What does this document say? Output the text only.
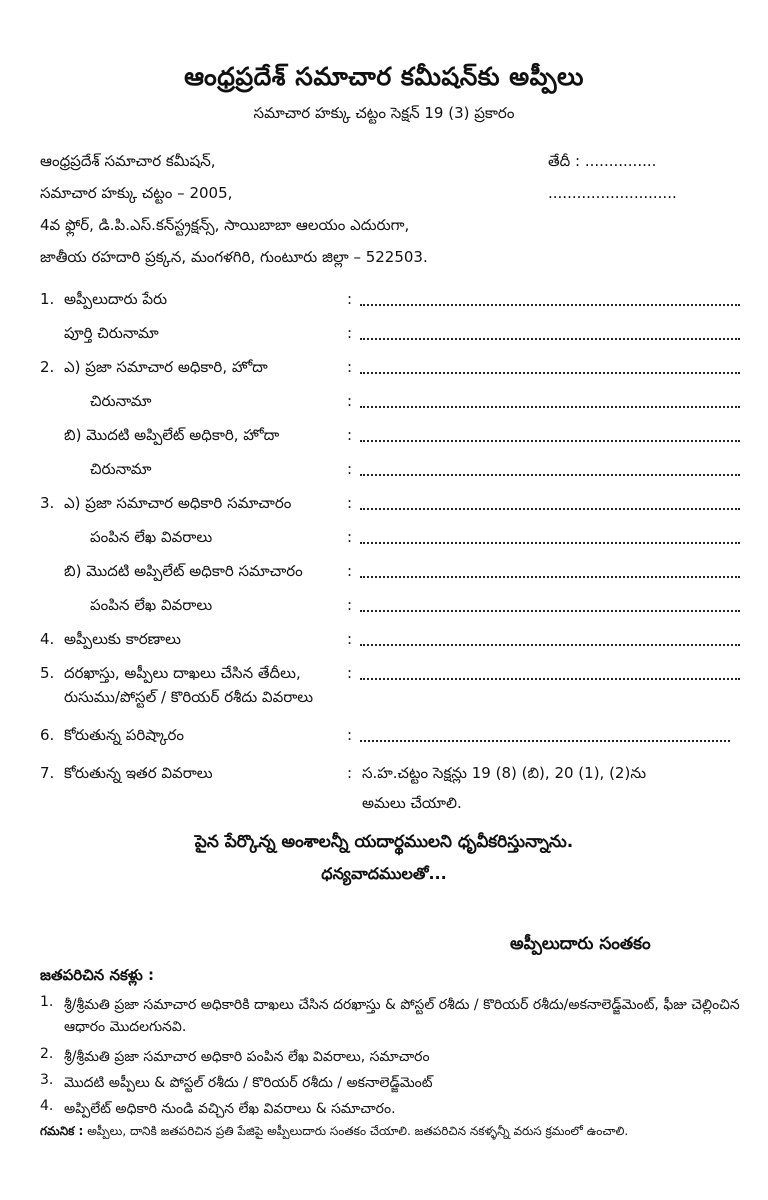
ఆంధ్రప్రదేశ్ సమాచార కమీషన్‌కు అప్పీలు
సమాచార హక్కు చట్టం సెక్షన్ 19 (3) ప్రకారం
ఆంధ్రప్రదేశ్ సమాచార కమీషన్,
సమాచార హక్కు చట్టం – 2005,
4వ ఫ్లోర్, డి.పి.ఎస్.కన్‌స్ట్రక్షన్స్, సాయిబాబా ఆలయం ఎదురుగా,
జాతీయ రహదారి ప్రక్కన, మంగళగిరి, గుంటూరు జిల్లా – 522503.
తేదీ : ...............
...........................
1. అప్పీలుదారు పేరు	:
పూర్తి చిరునామా	:
2. ఎ) ప్రజా సమాచార అధికారి, హోదా	:
చిరునామా	:
బి) మొదటి అప్పిలేట్ అధికారి, హోదా	:
చిరునామా	:
3. ఎ) ప్రజా సమాచార అధికారి సమాచారం	:
పంపిన లేఖ వివరాలు	:
బి) మొదటి అప్పిలేట్ అధికారి సమాచారం	:
పంపిన లేఖ వివరాలు	:
4. అప్పీలుకు కారణాలు	:
5. దరఖాస్తు, అప్పీలు దాఖలు చేసిన తేదీలు,	:
రుసుము/పోస్టల్ / కొరియర్ రశీదు వివరాలు
6. కోరుతున్న పరిష్కారం	:
7. కోరుతున్న ఇతర వివరాలు	: స.హ.చట్టం సెక్షన్లు 19 (8) (బి), 20 (1), (2)ను
అమలు చేయాలి.
పైన పేర్కొన్న అంశాలన్నీ యదార్థములని ధృవీకరిస్తున్నాను.
ధన్యవాదములతో...
అప్పీలుదారు సంతకం
జతపరిచిన నకళ్లు :
1. శ్రీ/శ్రీమతి ప్రజా సమాచార అధికారికి దాఖలు చేసిన దరఖాస్తు & పోస్టల్ రశీదు / కొరియర్ రశీదు/అకనాలెడ్జ్‌మెంట్, ఫీజు చెల్లించిన ఆధారం మొదలగునవి.
2. శ్రీ/శ్రీమతి ప్రజా సమాచార అధికారి పంపిన లేఖ వివరాలు, సమాచారం
3. మొదటి అప్పీలు & పోస్టల్ రశీదు / కొరియర్ రశీదు / అకనాలెడ్జ్‌మెంట్
4. అప్పిలేట్ అధికారి నుండి వచ్చిన లేఖ వివరాలు & సమాచారం.
గమనిక : అప్పీలు, దానికి జతపరిచిన ప్రతి పేజిపై అప్పీలుదారు సంతకం చేయాలి. జతపరిచిన నకళ్ళన్నీ వరుస క్రమంలో ఉంచాలి.
